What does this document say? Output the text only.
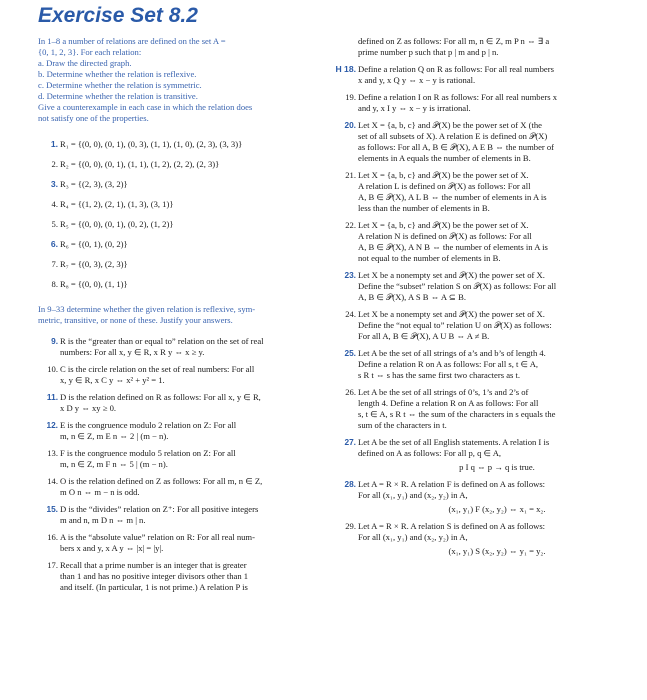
Exercise Set 8.2

In 1–8 a number of relations are defined on the set A =

{0, 1, 2, 3}. For each relation:

a. Draw the directed graph.

b. Determine whether the relation is reflexive.

c. Determine whether the relation is symmetric.

d. Determine whether the relation is transitive.

Give a counterexample in each case in which the relation does

not satisfy one of the properties.

1. R₁ = {(0, 0), (0, 1), (0, 3), (1, 1), (1, 0), (2, 3), (3, 3)}
2. R₂ = {(0, 0), (0, 1), (1, 1), (1, 2), (2, 2), (2, 3)}
3. R₃ = {(2, 3), (3, 2)}
4. R₄ = {(1, 2), (2, 1), (1, 3), (3, 1)}
5. R₅ = {(0, 0), (0, 1), (0, 2), (1, 2)}
6. R₆ = {(0, 1), (0, 2)}
7. R₇ = {(0, 3), (2, 3)}
8. R₈ = {(0, 0), (1, 1)}

In 9–33 determine whether the given relation is reflexive, sym-

metric, transitive, or none of these. Justify your answers.

9. R is the “greater than or equal to” relation on the set of real
numbers: For all x, y ∈ R, x R y ⇔ x ≥ y.
10. C is the circle relation on the set of real numbers: For all
x, y ∈ R, x C y ⇔ x² + y² = 1.
11. D is the relation defined on R as follows: For all x, y ∈ R,
x D y ⇔ xy ≥ 0.
12. E is the congruence modulo 2 relation on Z: For all
m, n ∈ Z, m E n ⇔ 2 | (m − n).
13. F is the congruence modulo 5 relation on Z: For all
m, n ∈ Z, m F n ⇔ 5 | (m − n).
14. O is the relation defined on Z as follows: For all m, n ∈ Z,
m O n ⇔ m − n is odd.
15. D is the “divides” relation on Z⁺: For all positive integers
m and n, m D n ⇔ m | n.
16. A is the “absolute value” relation on R: For all real num-
bers x and y, x A y ⇔ |x| = |y|.
17. Recall that a prime number is an integer that is greater
than 1 and has no positive integer divisors other than 1
and itself. (In particular, 1 is not prime.) A relation P is
defined on Z as follows: For all m, n ∈ Z, m P n ⇔ ∃ a
prime number p such that p | m and p | n.
H 18. Define a relation Q on R as follows: For all real numbers
x and y, x Q y ⇔ x − y is rational.
19. Define a relation I on R as follows: For all real numbers x
and y, x I y ⇔ x − y is irrational.
20. Let X = {a, b, c} and 𝒫(X) be the power set of X (the
set of all subsets of X). A relation E is defined on 𝒫(X)
as follows: For all A, B ∈ 𝒫(X), A E B ⇔ the number of
elements in A equals the number of elements in B.
21. Let X = {a, b, c} and 𝒫(X) be the power set of X.
A relation L is defined on 𝒫(X) as follows: For all
A, B ∈ 𝒫(X), A L B ⇔ the number of elements in A is
less than the number of elements in B.
22. Let X = {a, b, c} and 𝒫(X) be the power set of X.
A relation N is defined on 𝒫(X) as follows: For all
A, B ∈ 𝒫(X), A N B ⇔ the number of elements in A is
not equal to the number of elements in B.
23. Let X be a nonempty set and 𝒫(X) the power set of X.
Define the “subset” relation S on 𝒫(X) as follows: For all
A, B ∈ 𝒫(X), A S B ⇔ A ⊆ B.
24. Let X be a nonempty set and 𝒫(X) the power set of X.
Define the “not equal to” relation U on 𝒫(X) as follows:
For all A, B ∈ 𝒫(X), A U B ⇔ A ≠ B.
25. Let A be the set of all strings of a’s and b’s of length 4.
Define a relation R on A as follows: For all s, t ∈ A,
s R t ⇔ s has the same first two characters as t.
26. Let A be the set of all strings of 0’s, 1’s and 2’s of
length 4. Define a relation R on A as follows: For all
s, t ∈ A, s R t ⇔ the sum of the characters in s equals the
sum of the characters in t.
27. Let A be the set of all English statements. A relation I is
defined on A as follows: For all p, q ∈ A,
p I q ⇔ p → q is true.
28. Let A = R × R. A relation F is defined on A as follows:
For all (x₁, y₁) and (x₂, y₂) in A,
(x₁, y₁) F (x₂, y₂) ⇔ x₁ = x₂.
29. Let A = R × R. A relation S is defined on A as follows:
For all (x₁, y₁) and (x₂, y₂) in A,
(x₁, y₁) S (x₂, y₂) ⇔ y₁ = y₂.
